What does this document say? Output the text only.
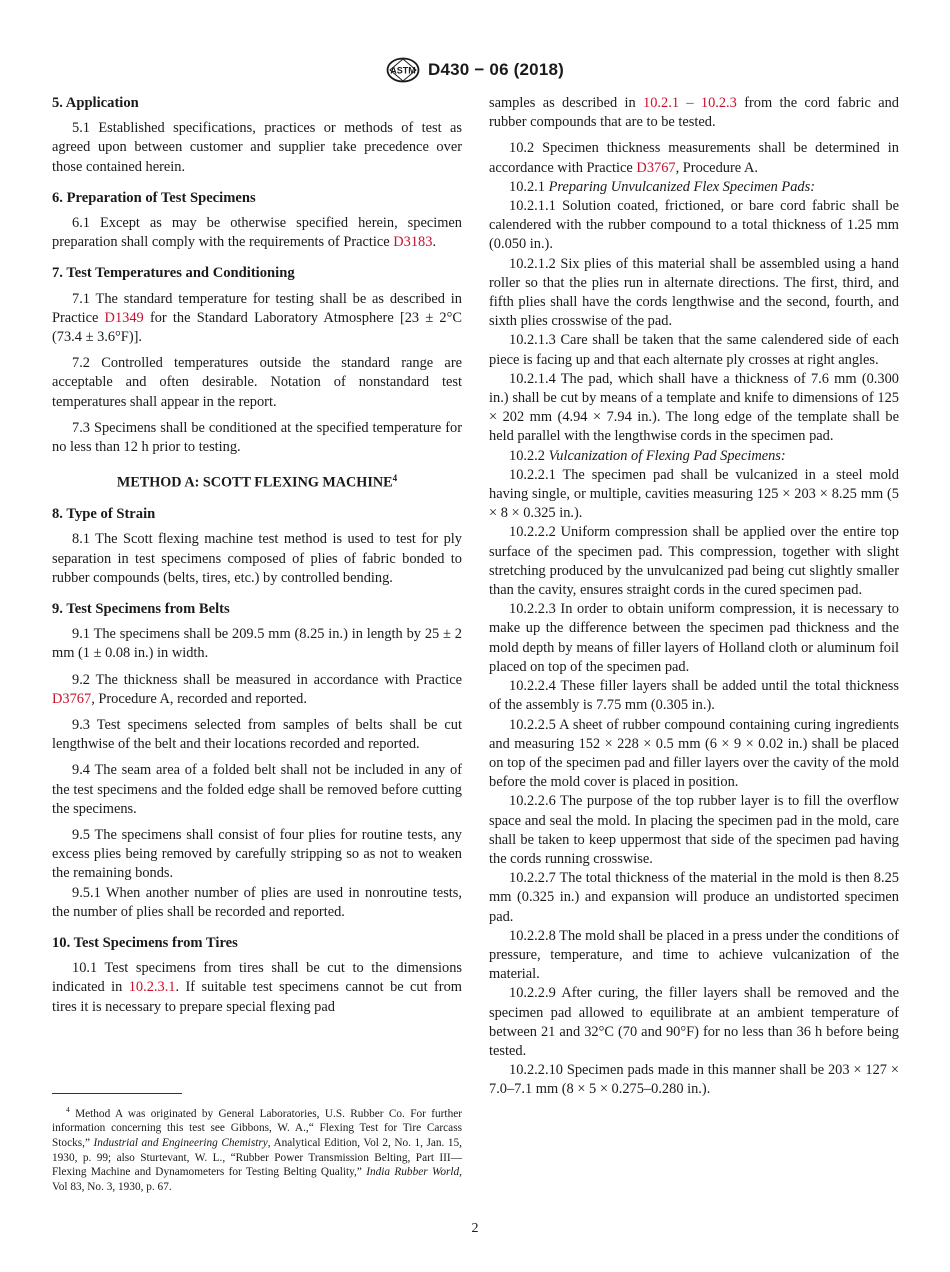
ASTM D430 − 06 (2018)
5. Application

5.1 Established specifications, practices or methods of test as agreed upon between customer and supplier take precedence over those contained herein.

6. Preparation of Test Specimens

6.1 Except as may be otherwise specified herein, specimen preparation shall comply with the requirements of Practice D3183.

7. Test Temperatures and Conditioning

7.1 The standard temperature for testing shall be as described in Practice D1349 for the Standard Laboratory Atmosphere [23 ± 2°C (73.4 ± 3.6°F)].

7.2 Controlled temperatures outside the standard range are acceptable and often desirable. Notation of nonstandard test temperatures shall appear in the report.

7.3 Specimens shall be conditioned at the specified temperature for no less than 12 h prior to testing.

METHOD A: SCOTT FLEXING MACHINE$^4$
8. Type of Strain

8.1 The Scott flexing machine test method is used to test for ply separation in test specimens composed of plies of fabric bonded to rubber compounds (belts, tires, etc.) by controlled bending.

9. Test Specimens from Belts

9.1 The specimens shall be 209.5 mm (8.25 in.) in length by 25 ± 2 mm (1 ± 0.08 in.) in width.

9.2 The thickness shall be measured in accordance with Practice D3767, Procedure A, recorded and reported.

9.3 Test specimens selected from samples of belts shall be cut lengthwise of the belt and their locations recorded and reported.

9.4 The seam area of a folded belt shall not be included in any of the test specimens and the folded edge shall be removed before cutting the specimens.

9.5 The specimens shall consist of four plies for routine tests, any excess plies being removed by carefully stripping so as not to weaken the remaining bonds.

9.5.1 When another number of plies are used in nonroutine tests, the number of plies shall be recorded and reported.

10. Test Specimens from Tires

10.1 Test specimens from tires shall be cut to the dimensions indicated in 10.2.3.1. If suitable test specimens cannot be cut from tires it is necessary to prepare special flexing pad

$^4$ Method A was originated by General Laboratories, U.S. Rubber Co. For further information concerning this test see Gibbons, W. A.,“ Flexing Test for Tire Carcass Stocks,” Industrial and Engineering Chemistry, Analytical Edition, Vol 2, No. 1, Jan. 15, 1930, p. 99; also Sturtevant, W. L., “Rubber Power Transmission Belting, Part III—Flexing Machine and Dynamometers for Testing Belting Quality,” India Rubber World, Vol 83, No. 3, 1930, p. 67.

samples as described in 10.2.1 – 10.2.3 from the cord fabric and rubber compounds that are to be tested.

10.2 Specimen thickness measurements shall be determined in accordance with Practice D3767, Procedure A.

10.2.1 Preparing Unvulcanized Flex Specimen Pads:

10.2.1.1 Solution coated, frictioned, or bare cord fabric shall be calendered with the rubber compound to a total thickness of 1.25 mm (0.050 in.).

10.2.1.2 Six plies of this material shall be assembled using a hand roller so that the plies run in alternate directions. The first, third, and fifth plies shall have the cords lengthwise and the second, fourth, and sixth plies crosswise of the pad.

10.2.1.3 Care shall be taken that the same calendered side of each piece is facing up and that each alternate ply crosses at right angles.

10.2.1.4 The pad, which shall have a thickness of 7.6 mm (0.300 in.) shall be cut by means of a template and knife to dimensions of 125 × 202 mm (4.94 × 7.94 in.). The long edge of the template shall be held parallel with the lengthwise cords in the specimen pad.

10.2.2 Vulcanization of Flexing Pad Specimens:

10.2.2.1 The specimen pad shall be vulcanized in a steel mold having single, or multiple, cavities measuring 125 × 203 × 8.25 mm (5 × 8 × 0.325 in.).

10.2.2.2 Uniform compression shall be applied over the entire top surface of the specimen pad. This compression, together with slight stretching produced by the unvulcanized pad being cut slightly smaller than the cavity, ensures straight cords in the cured specimen pad.

10.2.2.3 In order to obtain uniform compression, it is necessary to make up the difference between the specimen pad thickness and the mold depth by means of filler layers of Holland cloth or aluminum foil placed on top of the specimen pad.

10.2.2.4 These filler layers shall be added until the total thickness of the assembly is 7.75 mm (0.305 in.).

10.2.2.5 A sheet of rubber compound containing curing ingredients and measuring 152 × 228 × 0.5 mm (6 × 9 × 0.02 in.) shall be placed on top of the specimen pad and filler layers over the cavity of the mold before the mold cover is placed in position.

10.2.2.6 The purpose of the top rubber layer is to fill the overflow space and seal the mold. In placing the specimen pad in the mold, care shall be taken to keep uppermost that side of the specimen pad having the cords running crosswise.

10.2.2.7 The total thickness of the material in the mold is then 8.25 mm (0.325 in.) and expansion will produce an undistorted specimen pad.

10.2.2.8 The mold shall be placed in a press under the conditions of pressure, temperature, and time to achieve vulcanization of the material.

10.2.2.9 After curing, the filler layers shall be removed and the specimen pad allowed to equilibrate at an ambient temperature of between 21 and 32°C (70 and 90°F) for no less than 36 h before being tested.

10.2.2.10 Specimen pads made in this manner shall be 203 × 127 × 7.0–7.1 mm (8 × 5 × 0.275–0.280 in.).

2
